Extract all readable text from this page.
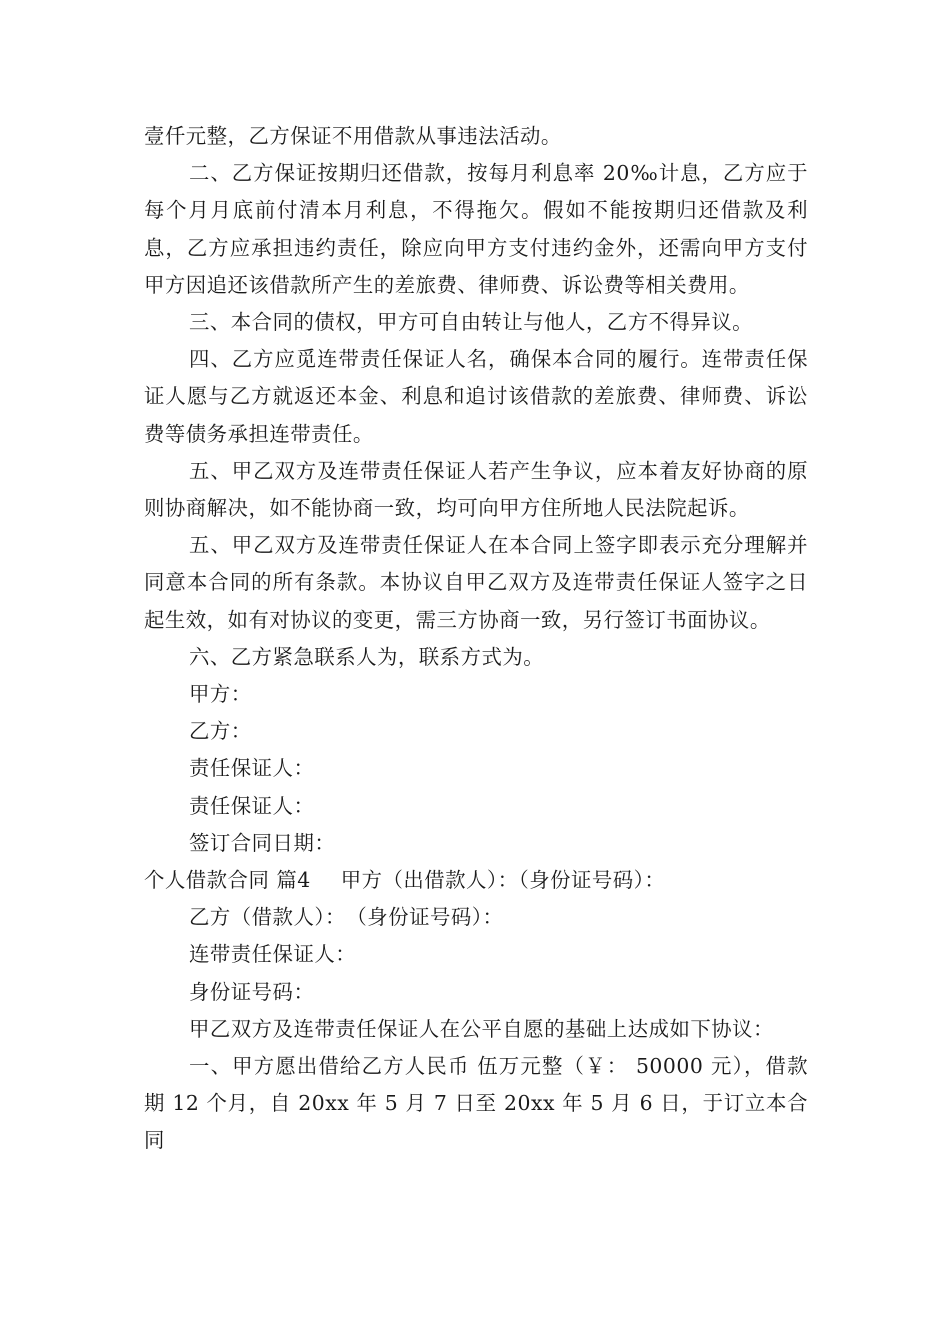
壹仟元整，乙方保证不用借款从事违法活动。

二、乙方保证按期归还借款，按每月利息率 20‰计息，乙方应于每个月月底前付清本月利息，不得拖欠。假如不能按期归还借款及利息，乙方应承担违约责任，除应向甲方支付违约金外，还需向甲方支付甲方因追还该借款所产生的差旅费、律师费、诉讼费等相关费用。

三、本合同的债权，甲方可自由转让与他人，乙方不得异议。

四、乙方应觅连带责任保证人名，确保本合同的履行。连带责任保证人愿与乙方就返还本金、利息和追讨该借款的差旅费、律师费、诉讼费等债务承担连带责任。

五、甲乙双方及连带责任保证人若产生争议，应本着友好协商的原则协商解决，如不能协商一致，均可向甲方住所地人民法院起诉。

五、甲乙双方及连带责任保证人在本合同上签字即表示充分理解并同意本合同的所有条款。本协议自甲乙双方及连带责任保证人签字之日起生效，如有对协议的变更，需三方协商一致，另行签订书面协议。

六、乙方紧急联系人为，联系方式为。

甲方：

乙方：

责任保证人：

责任保证人：

签订合同日期：

个人借款合同 篇4 甲方（出借款人）：（身份证号码）：

乙方（借款人）：　（身份证号码）：

连带责任保证人：

身份证号码：

甲乙双方及连带责任保证人在公平自愿的基础上达成如下协议：

一、甲方愿出借给乙方人民币 伍万元整（￥： 50000 元），借款期 12 个月，自 20xx 年 5 月 7 日至 20xx 年 5 月 6 日，于订立本合同
